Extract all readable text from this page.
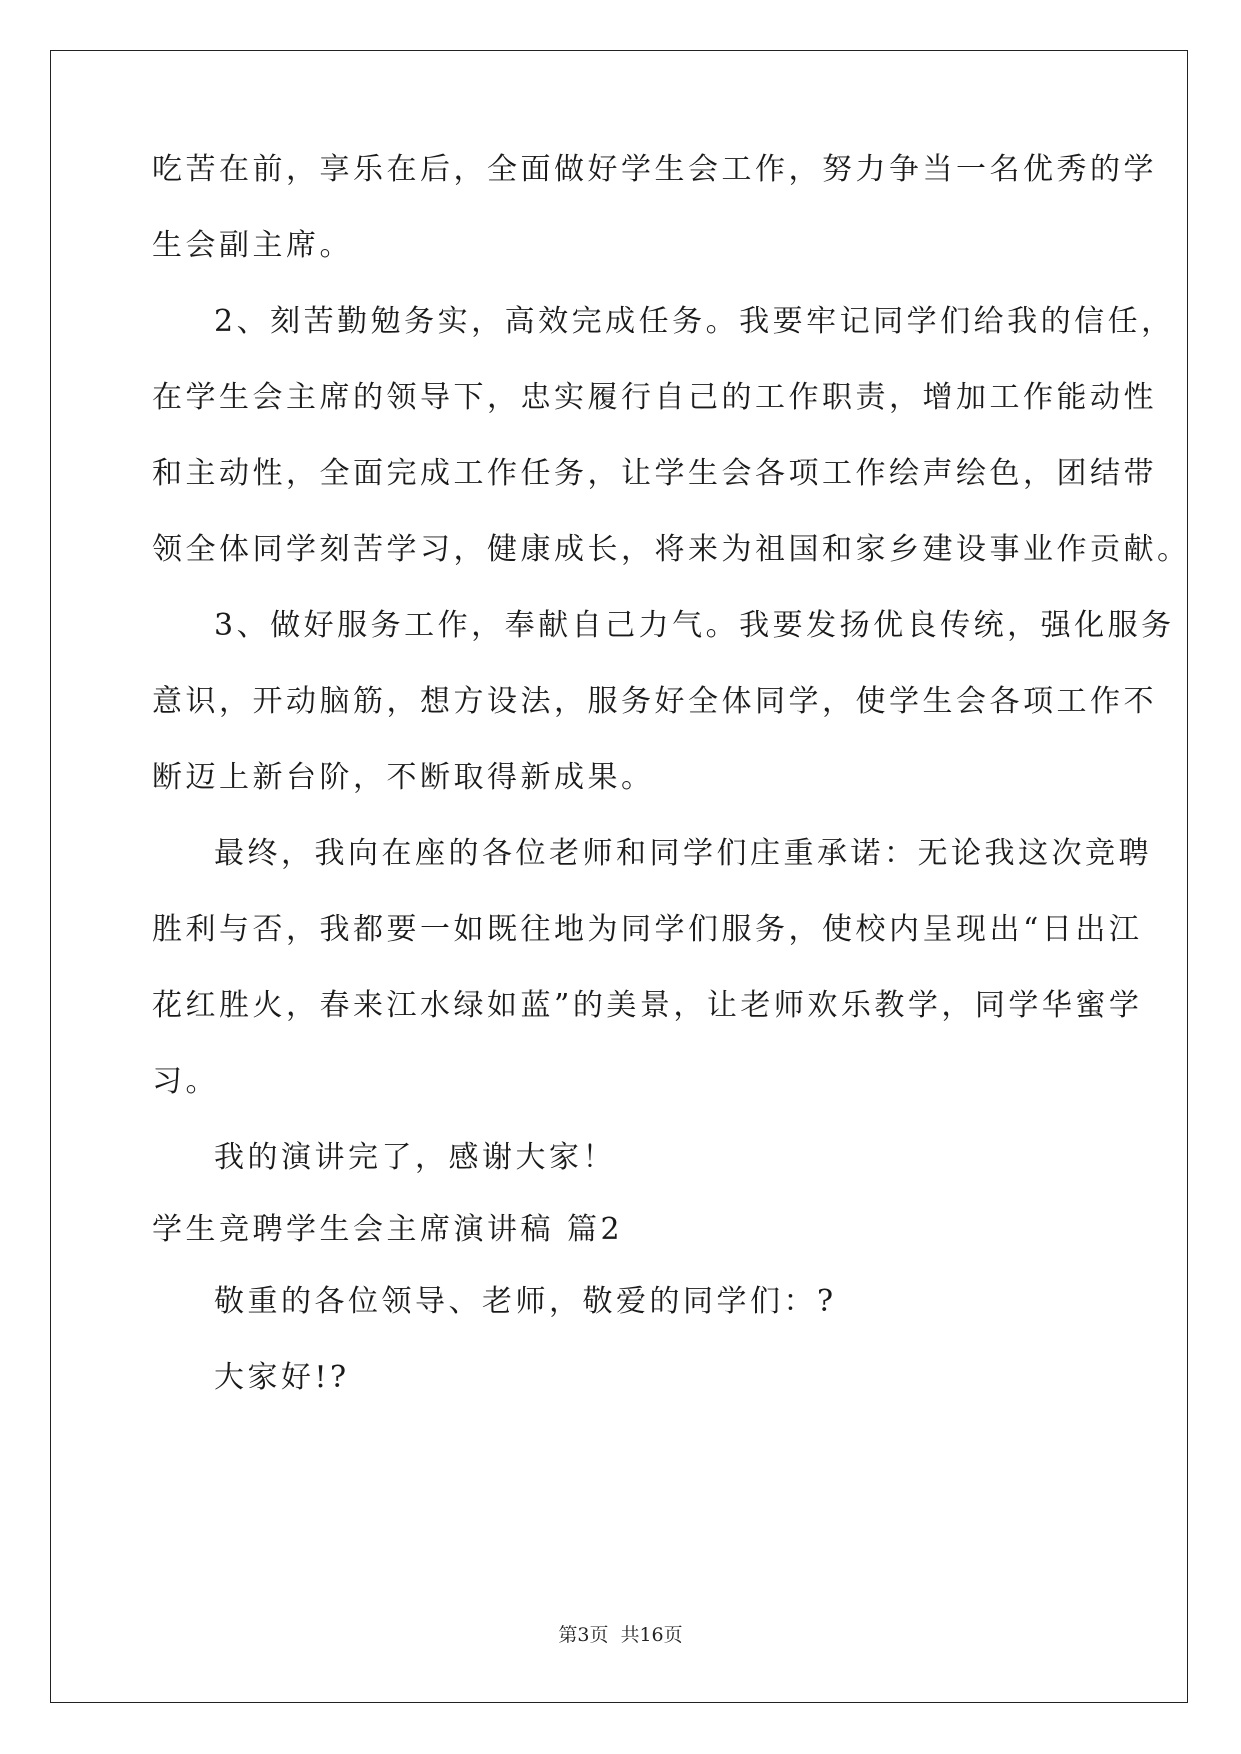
吃苦在前，享乐在后，全面做好学生会工作，努力争当一名优秀的学
生会副主席。
2、刻苦勤勉务实，高效完成任务。我要牢记同学们给我的信任，
在学生会主席的领导下，忠实履行自己的工作职责，增加工作能动性
和主动性，全面完成工作任务，让学生会各项工作绘声绘色，团结带
领全体同学刻苦学习，健康成长，将来为祖国和家乡建设事业作贡献。
3、做好服务工作，奉献自己力气。我要发扬优良传统，强化服务
意识，开动脑筋，想方设法，服务好全体同学，使学生会各项工作不
断迈上新台阶，不断取得新成果。
最终，我向在座的各位老师和同学们庄重承诺：无论我这次竞聘
胜利与否，我都要一如既往地为同学们服务，使校内呈现出“日出江
花红胜火，春来江水绿如蓝”的美景，让老师欢乐教学，同学华蜜学
习。
我的演讲完了，感谢大家！
学生竞聘学生会主席演讲稿 篇2
敬重的各位领导、老师，敬爱的同学们：?
大家好!?
第3页 共16页
